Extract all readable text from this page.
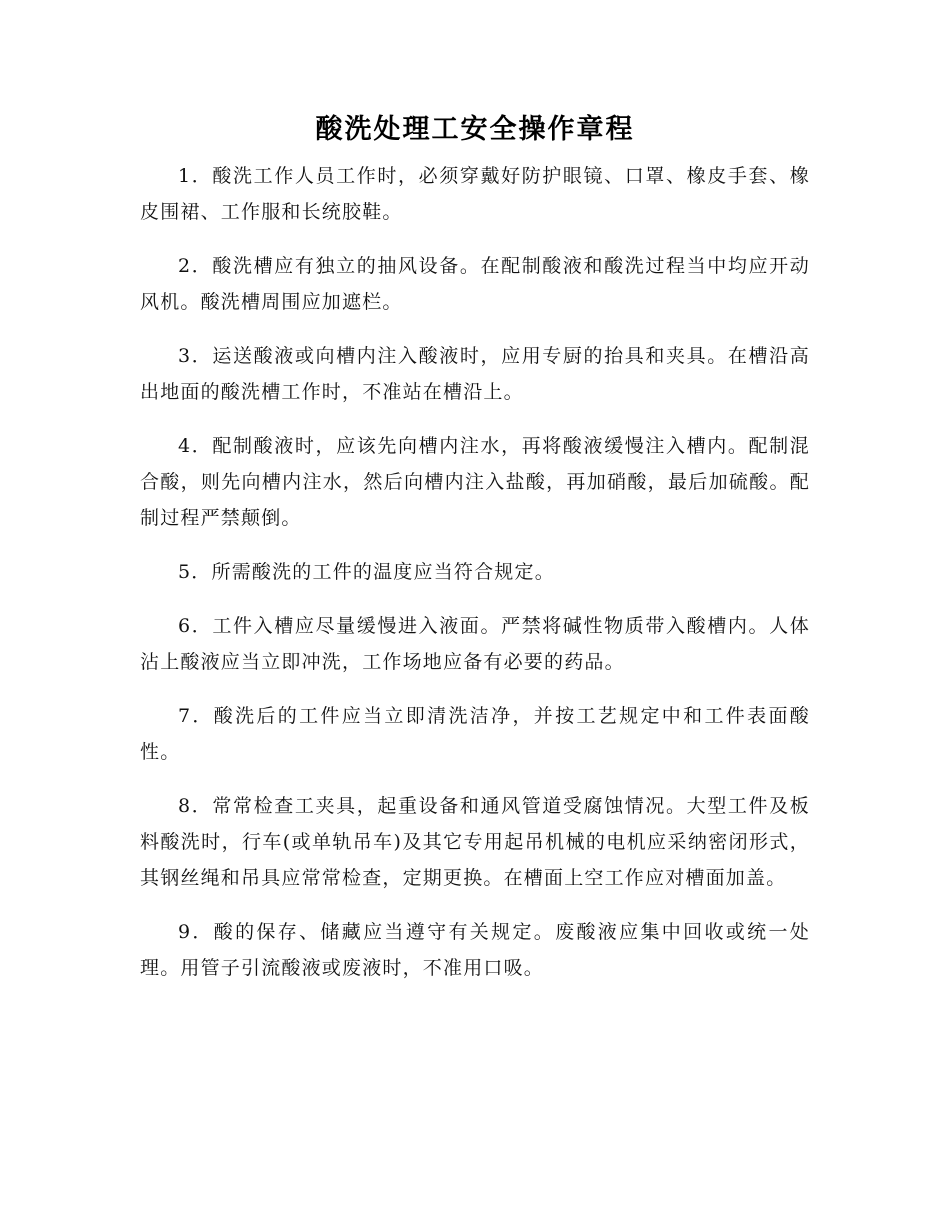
酸洗处理工安全操作章程

1．酸洗工作人员工作时，必须穿戴好防护眼镜、口罩、橡皮手套、橡皮围裙、工作服和长统胶鞋。

2．酸洗槽应有独立的抽风设备。在配制酸液和酸洗过程当中均应开动风机。酸洗槽周围应加遮栏。

3．运送酸液或向槽内注入酸液时，应用专厨的抬具和夹具。在槽沿高出地面的酸洗槽工作时，不准站在槽沿上。

4．配制酸液时，应该先向槽内注水，再将酸液缓慢注入槽内。配制混合酸，则先向槽内注水，然后向槽内注入盐酸，再加硝酸，最后加硫酸。配制过程严禁颠倒。

5．所需酸洗的工件的温度应当符合规定。

6．工件入槽应尽量缓慢进入液面。严禁将碱性物质带入酸槽内。人体沾上酸液应当立即冲洗，工作场地应备有必要的药品。

7．酸洗后的工件应当立即清洗洁净，并按工艺规定中和工件表面酸性。

8．常常检查工夹具，起重设备和通风管道受腐蚀情况。大型工件及板料酸洗时，行车(或单轨吊车)及其它专用起吊机械的电机应采纳密闭形式，其钢丝绳和吊具应常常检查，定期更换。在槽面上空工作应对槽面加盖。

9．酸的保存、储藏应当遵守有关规定。废酸液应集中回收或统一处理。用管子引流酸液或废液时，不准用口吸。
